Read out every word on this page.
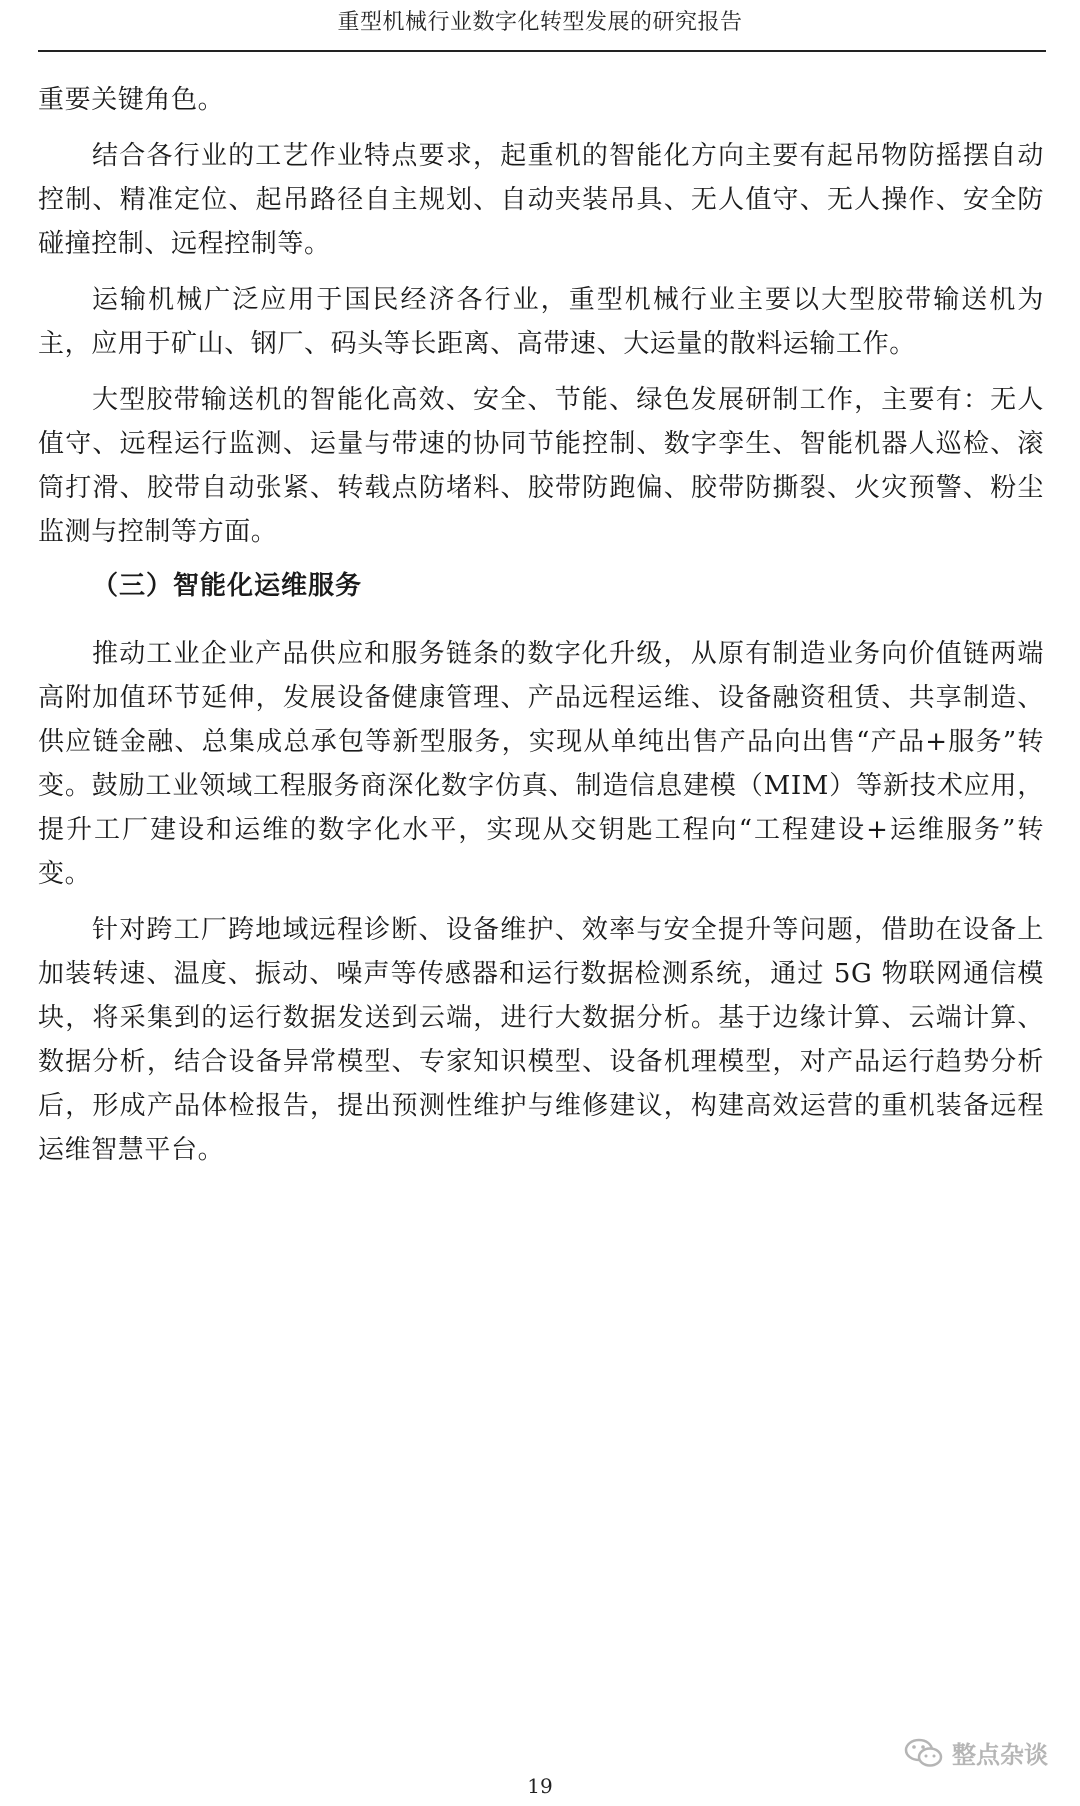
重型机械行业数字化转型发展的研究报告

重要关键角色。

结合各行业的工艺作业特点要求，起重机的智能化方向主要有起吊物防摇摆自动控制、精准定位、起吊路径自主规划、自动夹装吊具、无人值守、无人操作、安全防碰撞控制、远程控制等。

运输机械广泛应用于国民经济各行业，重型机械行业主要以大型胶带输送机为主，应用于矿山、钢厂、码头等长距离、高带速、大运量的散料运输工作。

大型胶带输送机的智能化高效、安全、节能、绿色发展研制工作，主要有：无人值守、远程运行监测、运量与带速的协同节能控制、数字孪生、智能机器人巡检、滚筒打滑、胶带自动张紧、转载点防堵料、胶带防跑偏、胶带防撕裂、火灾预警、粉尘监测与控制等方面。

（三）智能化运维服务

推动工业企业产品供应和服务链条的数字化升级，从原有制造业务向价值链两端高附加值环节延伸，发展设备健康管理、产品远程运维、设备融资租赁、共享制造、供应链金融、总集成总承包等新型服务，实现从单纯出售产品向出售“产品+服务”转变。鼓励工业领域工程服务商深化数字仿真、制造信息建模（MIM）等新技术应用，提升工厂建设和运维的数字化水平，实现从交钥匙工程向“工程建设+运维服务”转变。

针对跨工厂跨地域远程诊断、设备维护、效率与安全提升等问题，借助在设备上加装转速、温度、振动、噪声等传感器和运行数据检测系统，通过 5G 物联网通信模块，将采集到的运行数据发送到云端，进行大数据分析。基于边缘计算、云端计算、数据分析，结合设备异常模型、专家知识模型、设备机理模型，对产品运行趋势分析后，形成产品体检报告，提出预测性维护与维修建议，构建高效运营的重机装备远程运维智慧平台。

整点杂谈
19
